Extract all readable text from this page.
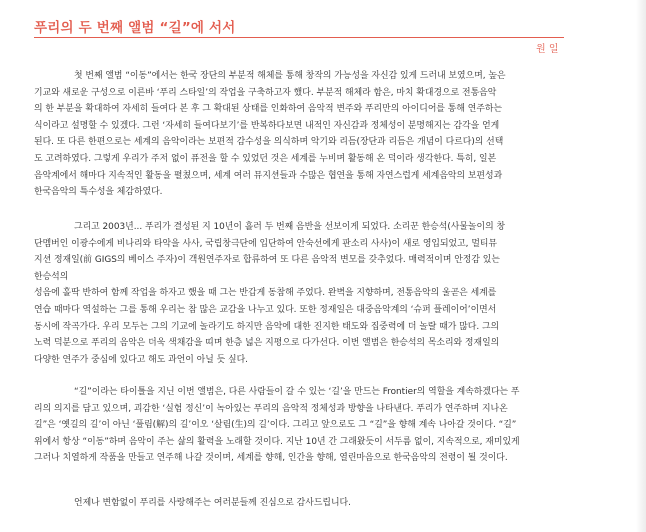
푸리의 두 번째 앨범 “길”에 서서
원 일
첫 번째 앨범 “이동”에서는 한국 장단의 부분적 해체를 통해 창작의 가능성을 자신감 있게 드러내 보였으며, 높은
기교와 새로운 구성으로 이른바 ‘푸리 스타일’의 작업을 구축하고자 했다. 부분적 해체라 함은, 마치 확대경으로 전통음악
의 한 부분을 확대하여 자세히 들여다 본 후 그 확대된 상태를 인화하여 음악적 변주와 푸리만의 아이디어를 통해 연주하는
식이라고 설명할 수 있겠다. 그런 ‘자세히 들여다보기’를 반복하다보면 내적인 자신감과 정체성이 분명해지는 감각을 얻게
된다. 또 다른 한편으로는 세계의 음악이라는 보편적 감수성을 의식하며 악기와 리듬(장단과 리듬은 개념이 다르다)의 선택
도 고려하였다. 그렇게 우리가 주저 없이 퓨전을 할 수 있었던 것은 세계를 누비며 활동해 온 덕이라 생각한다. 특히, 일본
음악계에서 해마다 지속적인 활동을 펼쳤으며, 세계 여러 뮤지션들과 수많은 협연을 통해 자연스럽게 세계음악의 보편성과
한국음악의 특수성을 체감하였다.
그리고 2003년... 푸리가 결성된 지 10년이 흘러 두 번째 음반을 선보이게 되었다. 소리꾼 한승석(사물놀이의 창
단멤버인 이광수에게 비나리와 타악을 사사, 국립창극단에 입단하여 안숙선에게 판소리 사사)이 새로 영입되었고, 멀티뮤
지션 정재일(前 GIGS의 베이스 주자)이 객원연주자로 합류하여 또 다른 음악적 변모를 갖추었다. 매력적이며 안정감 있는
한승석의
성음에 홀딱 반하여 함께 작업을 하자고 했을 때 그는 반갑게 동참해 주었다. 완벽을 지향하며, 전통음악의 울곧은 세계를
연습 때마다 역설하는 그를 통해 우리는 참 많은 교감을 나누고 있다. 또한 정재일은 대중음악계의 ‘슈퍼 플레이어’이면서
동시에 작곡가다. 우리 모두는 그의 기교에 놀라기도 하지만 음악에 대한 진지한 태도와 집중력에 더 놀랄 때가 많다. 그의
노력 덕분으로 푸리의 음악은 더욱 색채감을 띠며 한층 넓은 지평으로 다가선다. 이번 앨범은 한승석의 목소리와 정재일의
다양한 연주가 중심에 있다고 해도 과언이 아닐 듯 싶다.
“길”이라는 타이틀을 지닌 이번 앨범은, 다른 사람들이 갈 수 있는 ‘길’을 만드는 Frontier의 역할을 계속하겠다는 푸
리의 의지를 담고 있으며, 괴감한 ‘실험 정신’이 녹아있는 푸리의 음악적 정체성과 방향을 나타낸다. 푸리가 연주하며 지나온
길”은 ‘옛길의 길’이 아닌 ‘풀림(解)의 길’이오 ‘살림(生)의 길’이다. 그리고 앞으로도 그 “길”을 향해 계속 나아갈 것이다. “길”
위에서 항상 “이동”하며 음악이 주는 삶의 활력을 노래할 것이다. 지난 10년 간 그래왔듯이 서두름 없이, 지속적으로, 재미있게
그러나 치열하게 작품을 만들고 연주해 나갈 것이며, 세계를 향해, 인간을 향해, 열린마음으로 한국음악의 전령이 될 것이다.
언제나 변함없이 푸리를 사랑해주는 여러분들께 진심으로 감사드립니다.
